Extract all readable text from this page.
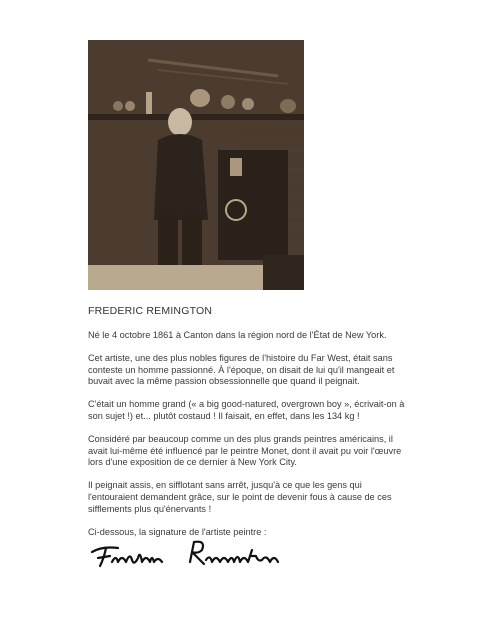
FREDERIC REMINGTON

Né le 4 octobre 1861 à Canton dans la région nord de l'État de New York.

Cet artiste, une des plus nobles figures de l'histoire du Far West, était sans conteste un homme passionné. À l'époque, on disait de lui qu'il mangeait et buvait avec la même passion obsessionnelle que quand il peignait.

C'était un homme grand (« a big good-natured, overgrown boy », écrivait-on à son sujet !) et... plutôt costaud ! Il faisait, en effet, dans les 134 kg !

Considéré par beaucoup comme un des plus grands peintres américains, il avait lui-même été influencé par le peintre Monet, dont il avait pu voir l'œuvre lors d'une exposition de ce dernier à New York City.

Il peignait assis, en sifflotant sans arrêt, jusqu'à ce que les gens qui l'entouraient demandent grâce, sur le point de devenir fous à cause de ces sifflements plus qu'énervants !

Ci-dessous, la signature de l'artiste peintre :
